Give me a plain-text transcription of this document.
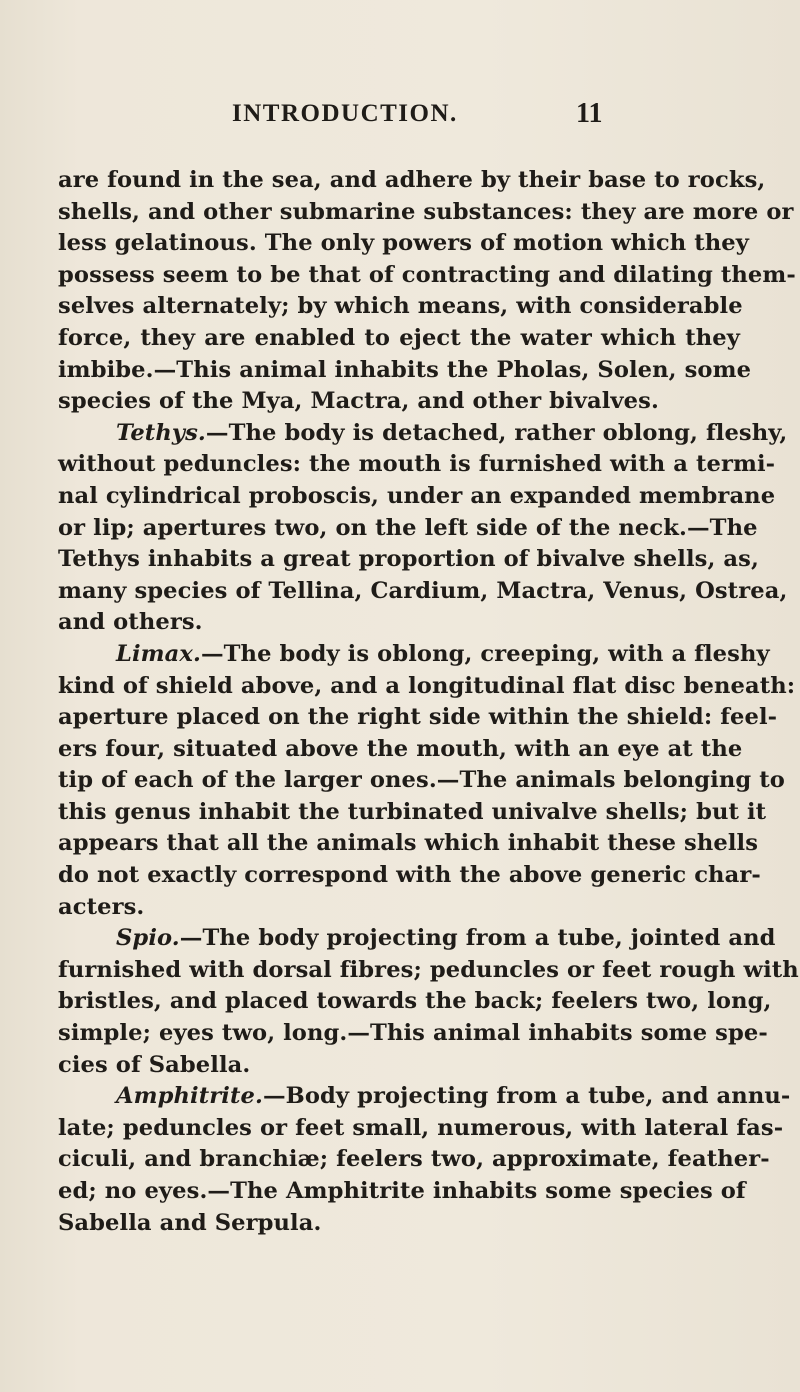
INTRODUCTION.	11
are found in the sea, and adhere by their base to rocks,
shells, and other submarine substances: they are more or
less gelatinous. The only powers of motion which they
possess seem to be that of contracting and dilating them-
selves alternately; by which means, with considerable
force, they are enabled to eject the water which they
imbibe.—This animal inhabits the Pholas, Solen, some
species of the Mya, Mactra, and other bivalves.
Tethys.—The body is detached, rather oblong, fleshy,
without peduncles: the mouth is furnished with a termi-
nal cylindrical proboscis, under an expanded membrane
or lip; apertures two, on the left side of the neck.—The
Tethys inhabits a great proportion of bivalve shells, as,
many species of Tellina, Cardium, Mactra, Venus, Ostrea,
and others.
Limax.—The body is oblong, creeping, with a fleshy
kind of shield above, and a longitudinal flat disc beneath:
aperture placed on the right side within the shield: feel-
ers four, situated above the mouth, with an eye at the
tip of each of the larger ones.—The animals belonging to
this genus inhabit the turbinated univalve shells; but it
appears that all the animals which inhabit these shells
do not exactly correspond with the above generic char-
acters.
Spio.—The body projecting from a tube, jointed and
furnished with dorsal fibres; peduncles or feet rough with
bristles, and placed towards the back; feelers two, long,
simple; eyes two, long.—This animal inhabits some spe-
cies of Sabella.
Amphitrite.—Body projecting from a tube, and annu-
late; peduncles or feet small, numerous, with lateral fas-
ciculi, and branchiæ; feelers two, approximate, feather-
ed; no eyes.—The Amphitrite inhabits some species of
Sabella and Serpula.
